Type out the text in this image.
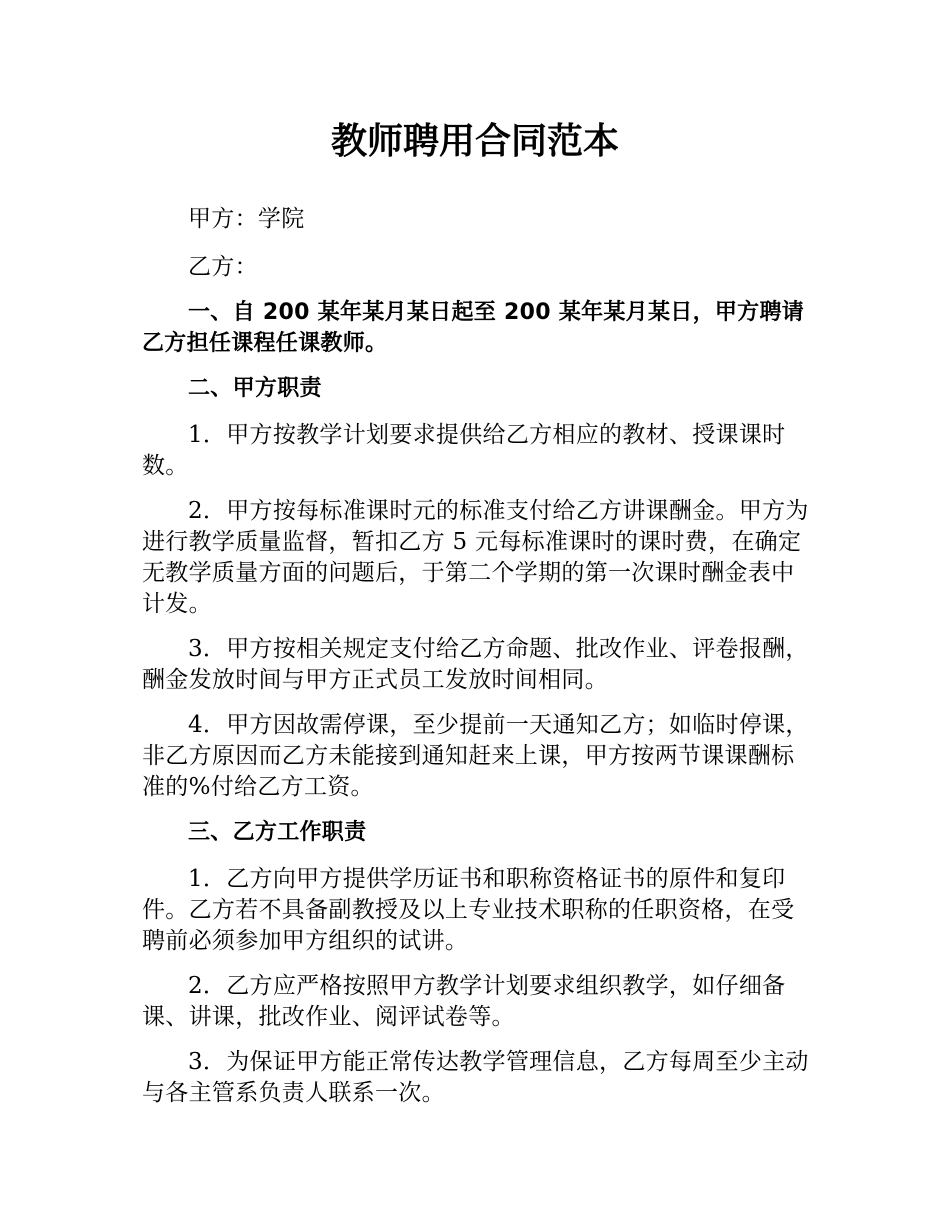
教师聘用合同范本

甲方：学院

乙方：

一、自 200 某年某月某日起至 200 某年某月某日，甲方聘请乙方担任课程任课教师。

二、甲方职责

1．甲方按教学计划要求提供给乙方相应的教材、授课课时数。

2．甲方按每标准课时元的标准支付给乙方讲课酬金。甲方为进行教学质量监督，暂扣乙方 5 元每标准课时的课时费，在确定无教学质量方面的问题后，于第二个学期的第一次课时酬金表中计发。

3．甲方按相关规定支付给乙方命题、批改作业、评卷报酬，酬金发放时间与甲方正式员工发放时间相同。

4．甲方因故需停课，至少提前一天通知乙方；如临时停课，非乙方原因而乙方未能接到通知赶来上课，甲方按两节课课酬标准的%付给乙方工资。

三、乙方工作职责

1．乙方向甲方提供学历证书和职称资格证书的原件和复印件。乙方若不具备副教授及以上专业技术职称的任职资格，在受聘前必须参加甲方组织的试讲。

2．乙方应严格按照甲方教学计划要求组织教学，如仔细备课、讲课，批改作业、阅评试卷等。

3．为保证甲方能正常传达教学管理信息，乙方每周至少主动与各主管系负责人联系一次。
